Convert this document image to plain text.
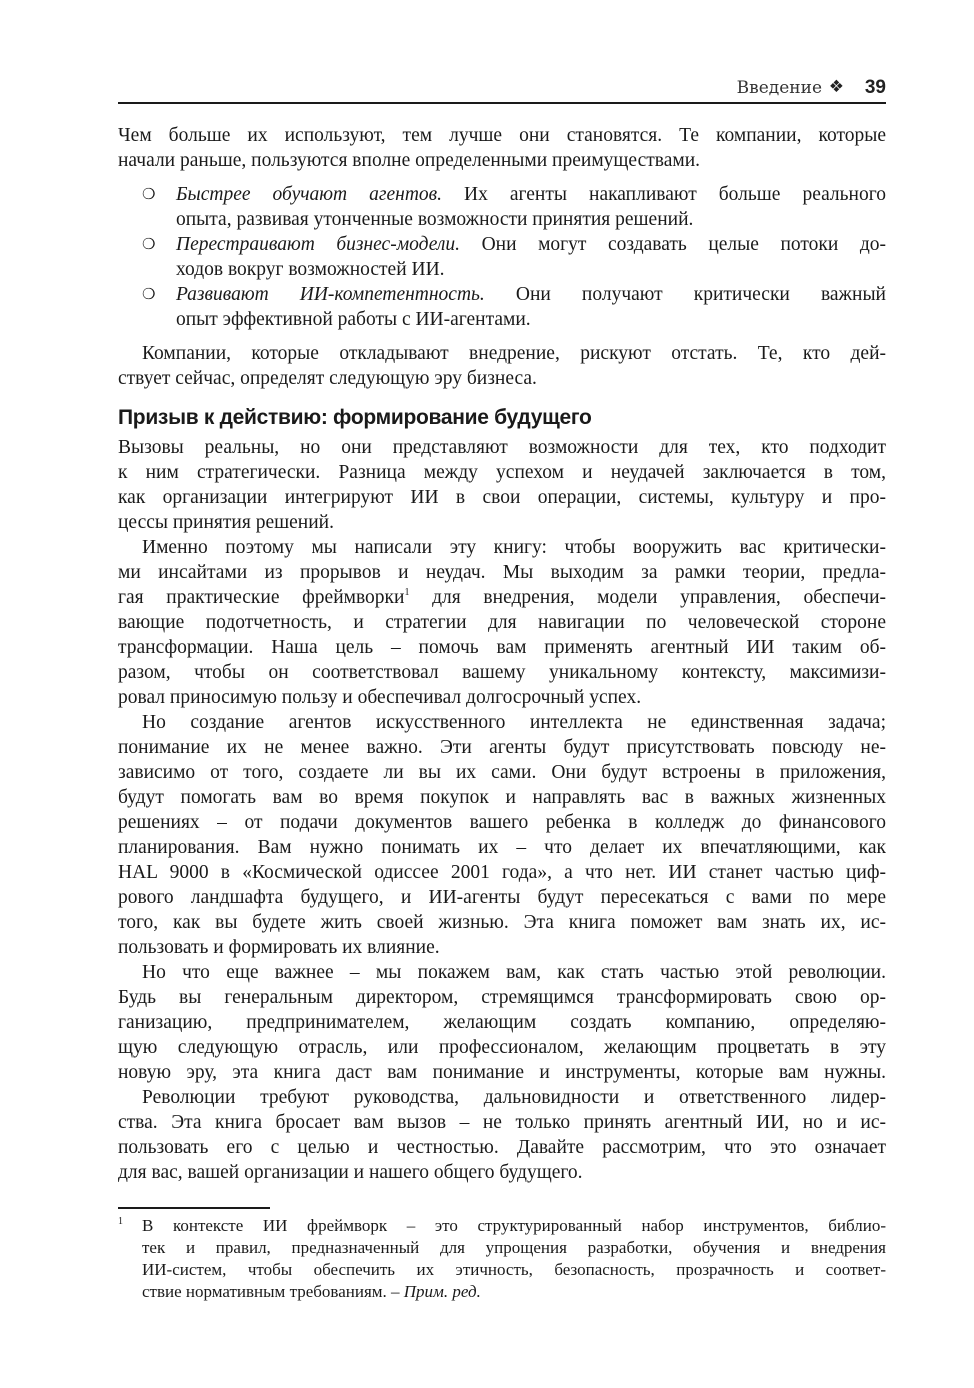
Введение ❖ 39
Чем больше их используют, тем лучше они становятся. Те компании, которые
начали раньше, пользуются вполне определенными преимуществами.
❍ Быстрее обучают агентов. Их агенты накапливают больше реального
опыта, развивая утонченные возможности принятия решений.
❍ Перестраивают бизнес-модели. Они могут создавать целые потоки до-
ходов вокруг возможностей ИИ.
❍ Развивают ИИ-компетентность. Они получают критически важный
опыт эффективной работы с ИИ-агентами.
Компании, которые откладывают внедрение, рискуют отстать. Те, кто дей-
ствует сейчас, определят следующую эру бизнеса.
Призыв к действию: формирование будущего
Вызовы реальны, но они представляют возможности для тех, кто подходит
к ним стратегически. Разница между успехом и неудачей заключается в том,
как организации интегрируют ИИ в свои операции, системы, культуру и про-
цессы принятия решений.
Именно поэтому мы написали эту книгу: чтобы вооружить вас критически-
ми инсайтами из прорывов и неудач. Мы выходим за рамки теории, предла-
гая практические фреймворки$^1$ для внедрения, модели управления, обеспечи-
вающие подотчетность, и стратегии для навигации по человеческой стороне
трансформации. Наша цель – помочь вам применять агентный ИИ таким об-
разом, чтобы он соответствовал вашему уникальному контексту, максимизи-
ровал приносимую пользу и обеспечивал долгосрочный успех.
Но создание агентов искусственного интеллекта не единственная задача;
понимание их не менее важно. Эти агенты будут присутствовать повсюду не-
зависимо от того, создаете ли вы их сами. Они будут встроены в приложения,
будут помогать вам во время покупок и направлять вас в важных жизненных
решениях – от подачи документов вашего ребенка в колледж до финансового
планирования. Вам нужно понимать их – что делает их впечатляющими, как
HAL 9000 в «Космической одиссее 2001 года», а что нет. ИИ станет частью циф-
рового ландшафта будущего, и ИИ-агенты будут пересекаться с вами по мере
того, как вы будете жить своей жизнью. Эта книга поможет вам знать их, ис-
пользовать и формировать их влияние.
Но что еще важнее – мы покажем вам, как стать частью этой революции.
Будь вы генеральным директором, стремящимся трансформировать свою ор-
ганизацию, предпринимателем, желающим создать компанию, определяю-
щую следующую отрасль, или профессионалом, желающим процветать в эту
новую эру, эта книга даст вам понимание и инструменты, которые вам нужны.
Революции требуют руководства, дальновидности и ответственного лидер-
ства. Эта книга бросает вам вызов – не только принять агентный ИИ, но и ис-
пользовать его с целью и честностью. Давайте рассмотрим, что это означает
для вас, вашей организации и нашего общего будущего.
1 В контексте ИИ фреймворк – это структурированный набор инструментов, библио-
тек и правил, предназначенный для упрощения разработки, обучения и внедрения
ИИ-систем, чтобы обеспечить их этичность, безопасность, прозрачность и соответ-
ствие нормативным требованиям. – Прим. ред.
